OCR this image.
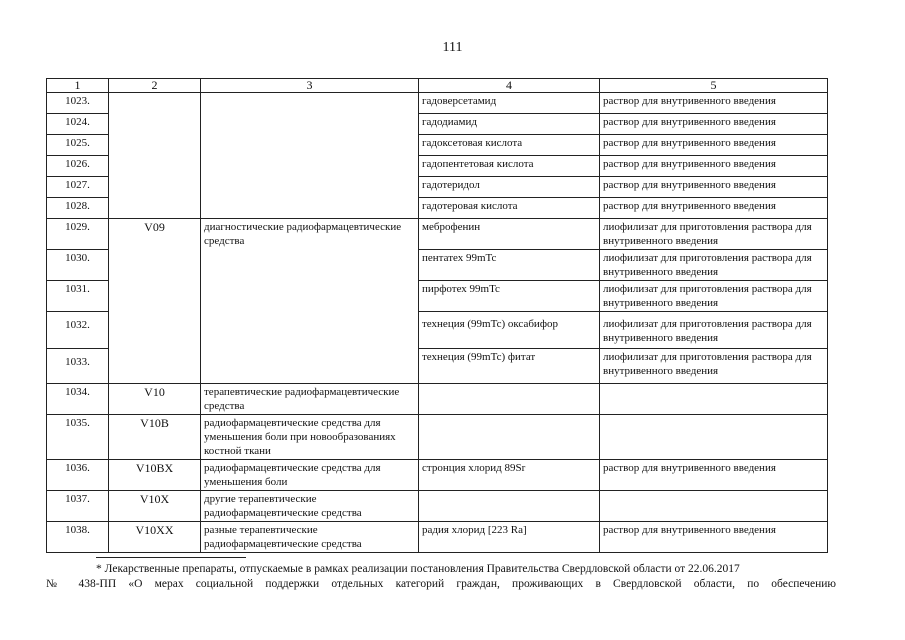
111
1	2	3	4	5
1023.			гадоверсетамид	раствор для внутривенного введения
1024.			гадодиамид	раствор для внутривенного введения
1025.			гадоксетовая кислота	раствор для внутривенного введения
1026.			гадопентетовая кислота	раствор для внутривенного введения
1027.			гадотеридол	раствор для внутривенного введения
1028.			гадотеровая кислота	раствор для внутривенного введения
1029.	V09	диагностические радиофармацевтические средства	меброфенин	лиофилизат для приготовления раствора для внутривенного введения
1030.			пентатех 99mTc	лиофилизат для приготовления раствора для внутривенного введения
1031.			пирфотех 99mTc	лиофилизат для приготовления раствора для внутривенного введения
1032.			технеция (99mTc) оксабифор	лиофилизат для приготовления раствора для внутривенного введения
1033.			технеция (99mTc) фитат	лиофилизат для приготовления раствора для внутривенного введения
1034.	V10	терапевтические радиофармацевтические средства		
1035.	V10B	радиофармацевтические средства для уменьшения боли при новообразованиях костной ткани		
1036.	V10BX	радиофармацевтические средства для уменьшения боли	стронция хлорид 89Sr	раствор для внутривенного введения
1037.	V10X	другие терапевтические радиофармацевтические средства		
1038.	V10XX	разные терапевтические радиофармацевтические средства	радия хлорид [223 Ra]	раствор для внутривенного введения
* Лекарственные препараты, отпускаемые в рамках реализации постановления Правительства Свердловской области от 22.06.2017
№ 438-ПП «О мерах социальной поддержки отдельных категорий граждан, проживающих в Свердловской области, по обеспечению
